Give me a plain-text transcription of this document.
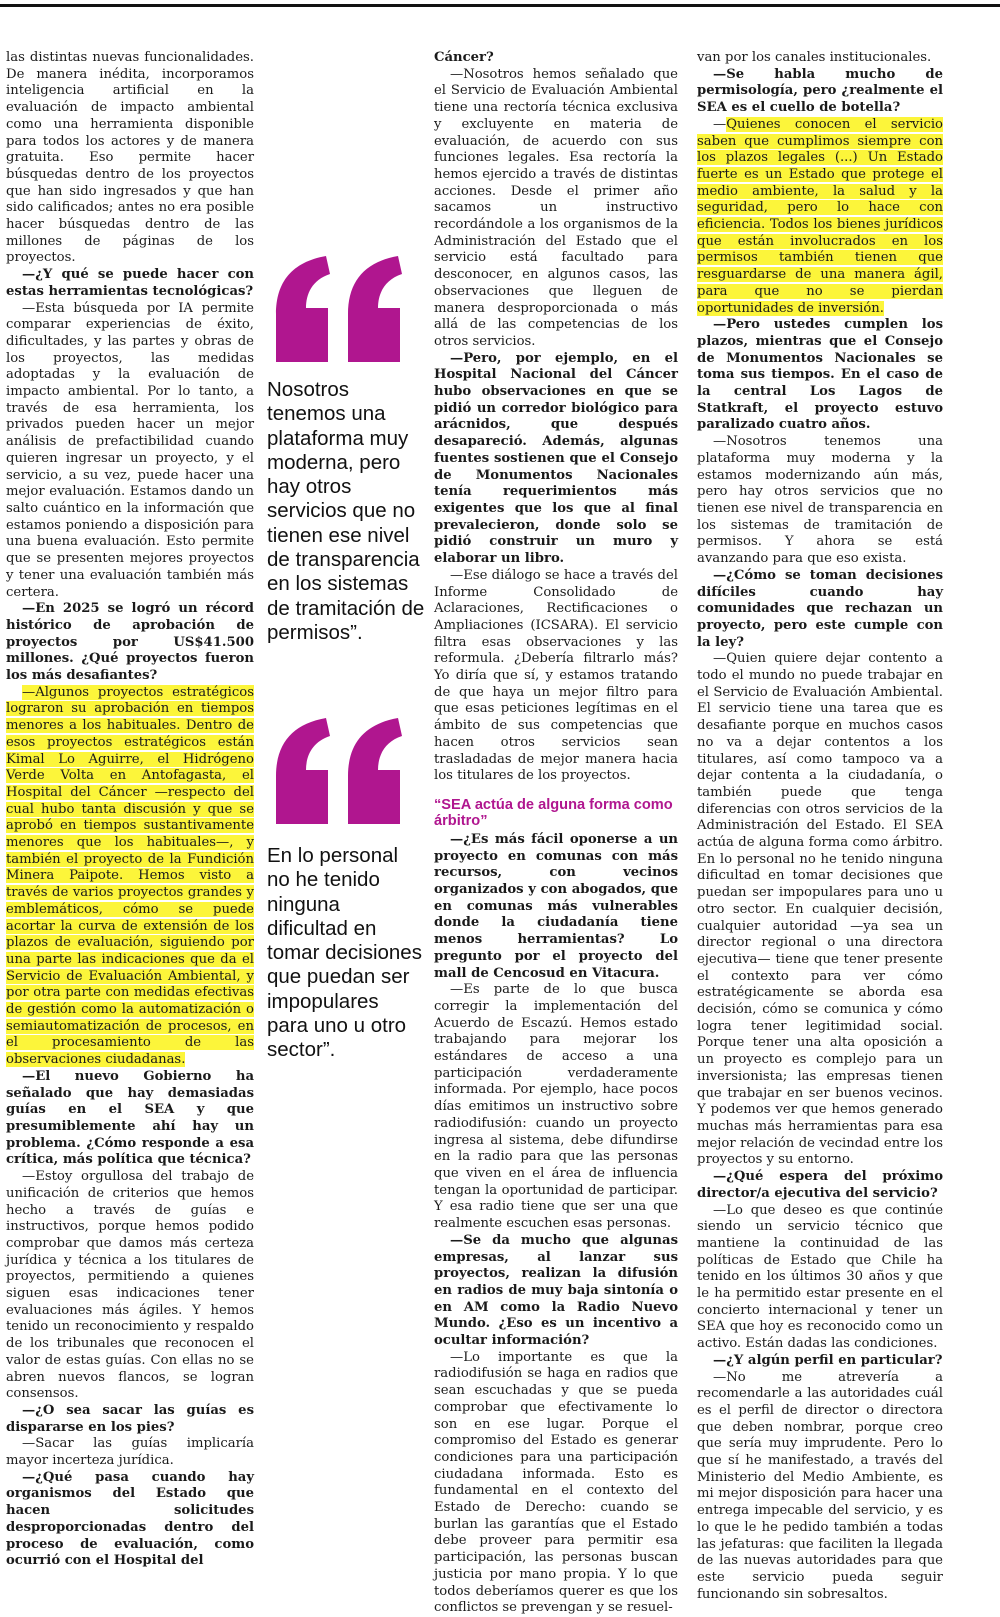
las distintas nuevas funcionalidades. De manera inédita, incorporamos inteligencia artificial en la evaluación de impacto ambiental como una herramienta disponible para todos los actores y de manera gratuita. Eso permite hacer búsquedas dentro de los proyectos que han sido ingresados y que han sido calificados; antes no era posible hacer búsquedas dentro de las millones de páginas de los proyectos.

—¿Y qué se puede hacer con estas herramientas tecnológicas?

—Esta búsqueda por IA permite comparar experiencias de éxito, dificultades, y las partes y obras de los proyectos, las medidas adoptadas y la evaluación de impacto ambiental. Por lo tanto, a través de esa herramienta, los privados pueden hacer un mejor análisis de prefactibilidad cuando quieren ingresar un proyecto, y el servicio, a su vez, puede hacer una mejor evaluación. Estamos dando un salto cuántico en la información que estamos poniendo a disposición para una buena evaluación. Esto permite que se presenten mejores proyectos y tener una evaluación también más certera.

—En 2025 se logró un récord histórico de aprobación de proyectos por US$41.500 millones. ¿Qué proyectos fueron los más desafiantes?

—Algunos proyectos estratégicos lograron su aprobación en tiempos menores a los habituales. Dentro de esos proyectos estratégicos están Kimal Lo Aguirre, el Hidrógeno Verde Volta en Antofagasta, el Hospital del Cáncer —respecto del cual hubo tanta discusión y que se aprobó en tiempos sustantivamente menores que los habituales—, y también el proyecto de la Fundición Minera Paipote. Hemos visto a través de varios proyectos grandes y emblemáticos, cómo se puede acortar la curva de extensión de los plazos de evaluación, siguiendo por una parte las indicaciones que da el Servicio de Evaluación Ambiental, y por otra parte con medidas efectivas de gestión como la automatización o semiautomatización de procesos, en el procesamiento de las observaciones ciudadanas.

—El nuevo Gobierno ha señalado que hay demasiadas guías en el SEA y que presumiblemente ahí hay un problema. ¿Cómo responde a esa crítica, más política que técnica?

—Estoy orgullosa del trabajo de unificación de criterios que hemos hecho a través de guías e instructivos, porque hemos podido comprobar que damos más certeza jurídica y técnica a los titulares de proyectos, permitiendo a quienes siguen esas indicaciones tener evaluaciones más ágiles. Y hemos tenido un reconocimiento y respaldo de los tribunales que reconocen el valor de estas guías. Con ellas no se abren nuevos flancos, se logran consensos.

—¿O sea sacar las guías es dispararse en los pies?

—Sacar las guías implicaría mayor incerteza jurídica.

—¿Qué pasa cuando hay organismos del Estado que hacen solicitudes desproporcionadas dentro del proceso de evaluación, como ocurrió con el Hospital del

Nosotros tenemos una plataforma muy moderna, pero hay otros servicios que no tienen ese nivel de transparencia en los sistemas de tramitación de permisos”.
En lo personal no he tenido ninguna dificultad en tomar decisiones que puedan ser impopulares para uno u otro sector”.

Cáncer?

—Nosotros hemos señalado que el Servicio de Evaluación Ambiental tiene una rectoría técnica exclusiva y excluyente en materia de evaluación, de acuerdo con sus funciones legales. Esa rectoría la hemos ejercido a través de distintas acciones. Desde el primer año sacamos un instructivo recordándole a los organismos de la Administración del Estado que el servicio está facultado para desconocer, en algunos casos, las observaciones que lleguen de manera desproporcionada o más allá de las competencias de los otros servicios.

—Pero, por ejemplo, en el Hospital Nacional del Cáncer hubo observaciones en que se pidió un corredor biológico para arácnidos, que después desapareció. Además, algunas fuentes sostienen que el Consejo de Monumentos Nacionales tenía requerimientos más exigentes que los que al final prevalecieron, donde solo se pidió construir un muro y elaborar un libro.

—Ese diálogo se hace a través del Informe Consolidado de Aclaraciones, Rectificaciones o Ampliaciones (ICSARA). El servicio filtra esas observaciones y las reformula. ¿Debería filtrarlo más? Yo diría que sí, y estamos tratando de que haya un mejor filtro para que esas peticiones legítimas en el ámbito de sus competencias que hacen otros servicios sean trasladadas de mejor manera hacia los titulares de los proyectos.

“SEA actúa de alguna forma como árbitro”

—¿Es más fácil oponerse a un proyecto en comunas con más recursos, con vecinos organizados y con abogados, que en comunas más vulnerables donde la ciudadanía tiene menos herramientas? Lo pregunto por el proyecto del mall de Cencosud en Vitacura.

—Es parte de lo que busca corregir la implementación del Acuerdo de Escazú. Hemos estado trabajando para mejorar los estándares de acceso a una participación verdaderamente informada. Por ejemplo, hace pocos días emitimos un instructivo sobre radiodifusión: cuando un proyecto ingresa al sistema, debe difundirse en la radio para que las personas que viven en el área de influencia tengan la oportunidad de participar. Y esa radio tiene que ser una que realmente escuchen esas personas.

—Se da mucho que algunas empresas, al lanzar sus proyectos, realizan la difusión en radios de muy baja sintonía o en AM como la Radio Nuevo Mundo. ¿Eso es un incentivo a ocultar información?

—Lo importante es que la radiodifusión se haga en radios que sean escuchadas y que se pueda comprobar que efectivamente lo son en ese lugar. Porque el compromiso del Estado es generar condiciones para una participación ciudadana informada. Esto es fundamental en el contexto del Estado de Derecho: cuando se burlan las garantías que el Estado debe proveer para permitir esa participación, las personas buscan justicia por mano propia. Y lo que todos deberíamos querer es que los conflictos se prevengan y se resuel-

van por los canales institucionales.

—Se habla mucho de permisología, pero ¿realmente el SEA es el cuello de botella?

—Quienes conocen el servicio saben que cumplimos siempre con los plazos legales (...) Un Estado fuerte es un Estado que protege el medio ambiente, la salud y la seguridad, pero lo hace con eficiencia. Todos los bienes jurídicos que están involucrados en los permisos también tienen que resguardarse de una manera ágil, para que no se pierdan oportunidades de inversión.

—Pero ustedes cumplen los plazos, mientras que el Consejo de Monumentos Nacionales se toma sus tiempos. En el caso de la central Los Lagos de Statkraft, el proyecto estuvo paralizado cuatro años.

—Nosotros tenemos una plataforma muy moderna y la estamos modernizando aún más, pero hay otros servicios que no tienen ese nivel de transparencia en los sistemas de tramitación de permisos. Y ahora se está avanzando para que eso exista.

—¿Cómo se toman decisiones difíciles cuando hay comunidades que rechazan un proyecto, pero este cumple con la ley?

—Quien quiere dejar contento a todo el mundo no puede trabajar en el Servicio de Evaluación Ambiental. El servicio tiene una tarea que es desafiante porque en muchos casos no va a dejar contentos a los titulares, así como tampoco va a dejar contenta a la ciudadanía, o también puede que tenga diferencias con otros servicios de la Administración del Estado. El SEA actúa de alguna forma como árbitro. En lo personal no he tenido ninguna dificultad en tomar decisiones que puedan ser impopulares para uno u otro sector. En cualquier decisión, cualquier autoridad —ya sea un director regional o una directora ejecutiva— tiene que tener presente el contexto para ver cómo estratégicamente se aborda esa decisión, cómo se comunica y cómo logra tener legitimidad social. Porque tener una alta oposición a un proyecto es complejo para un inversionista; las empresas tienen que trabajar en ser buenos vecinos. Y podemos ver que hemos generado muchas más herramientas para esa mejor relación de vecindad entre los proyectos y su entorno.

—¿Qué espera del próximo director/a ejecutiva del servicio?

—Lo que deseo es que continúe siendo un servicio técnico que mantiene la continuidad de las políticas de Estado que Chile ha tenido en los últimos 30 años y que le ha permitido estar presente en el concierto internacional y tener un SEA que hoy es reconocido como un activo. Están dadas las condiciones.

—¿Y algún perfil en particular?

—No me atrevería a recomendarle a las autoridades cuál es el perfil de director o directora que deben nombrar, porque creo que sería muy imprudente. Pero lo que sí he manifestado, a través del Ministerio del Medio Ambiente, es mi mejor disposición para hacer una entrega impecable del servicio, y es lo que le he pedido también a todas las jefaturas: que faciliten la llegada de las nuevas autoridades para que este servicio pueda seguir funcionando sin sobresaltos.
